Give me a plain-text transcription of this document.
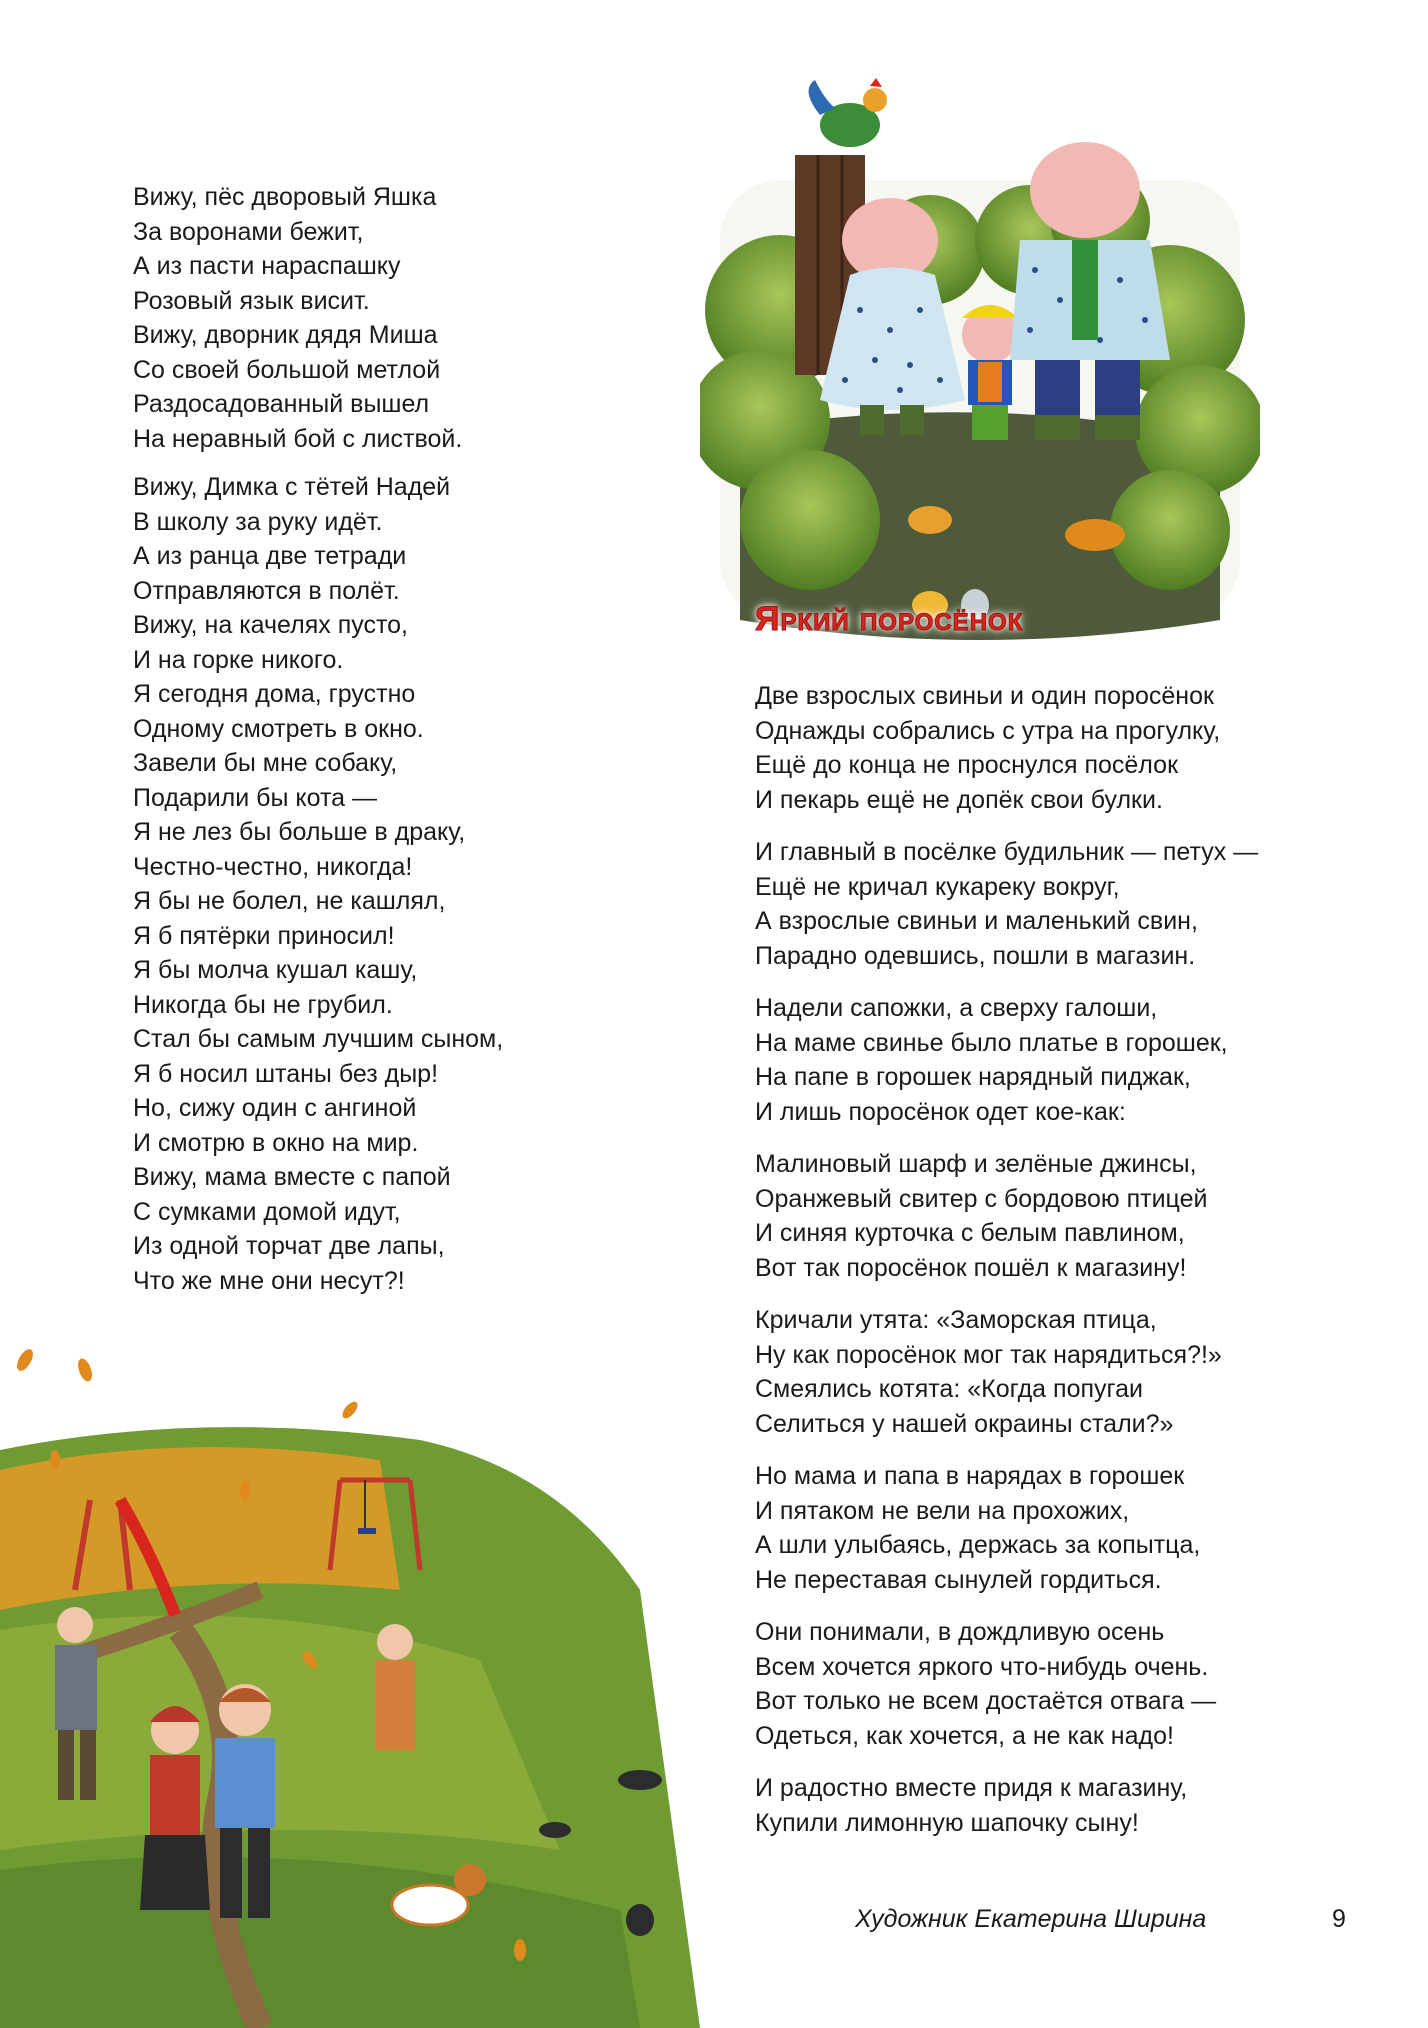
Яркий поросёнок
Вижу, пёс дворовый Яшка
За воронами бежит,
А из пасти нараспашку
Розовый язык висит.
Вижу, дворник дядя Миша
Со своей большой метлой
Раздосадованный вышел
На неравный бой с листвой.
Вижу, Димка с тётей Надей
В школу за руку идёт.
А из ранца две тетради
Отправляются в полёт.
Вижу, на качелях пусто,
И на горке никого.
Я сегодня дома, грустно
Одному смотреть в окно.
Завели бы мне собаку,
Подарили бы кота —
Я не лез бы больше в драку,
Честно-честно, никогда!
Я бы не болел, не кашлял,
Я б пятёрки приносил!
Я бы молча кушал кашу,
Никогда бы не грубил.
Стал бы самым лучшим сыном,
Я б носил штаны без дыр!
Но, сижу один с ангиной
И смотрю в окно на мир.
Вижу, мама вместе с папой
С сумками домой идут,
Из одной торчат две лапы,
Что же мне они несут?!
Две взрослых свиньи и один поросёнок
Однажды собрались с утра на прогулку,
Ещё до конца не проснулся посёлок
И пекарь ещё не допёк свои булки.
И главный в посёлке будильник — петух —
Ещё не кричал кукареку вокруг,
А взрослые свиньи и маленький свин,
Парадно одевшись, пошли в магазин.
Надели сапожки, а сверху галоши,
На маме свинье было платье в горошек,
На папе в горошек нарядный пиджак,
И лишь поросёнок одет кое-как:
Малиновый шарф и зелёные джинсы,
Оранжевый свитер с бордовою птицей
И синяя курточка с белым павлином,
Вот так поросёнок пошёл к магазину!
Кричали утята: «Заморская птица,
Ну как поросёнок мог так нарядиться?!»
Смеялись котята: «Когда попугаи
Селиться у нашей окраины стали?»
Но мама и папа в нарядах в горошек
И пятаком не вели на прохожих,
А шли улыбаясь, держась за копытца,
Не переставая сынулей гордиться.
Они понимали, в дождливую осень
Всем хочется яркого что-нибудь очень.
Вот только не всем достаётся отвага —
Одеться, как хочется, а не как надо!
И радостно вместе придя к магазину,
Купили лимонную шапочку сыну!
Художник Екатерина Ширина	9
